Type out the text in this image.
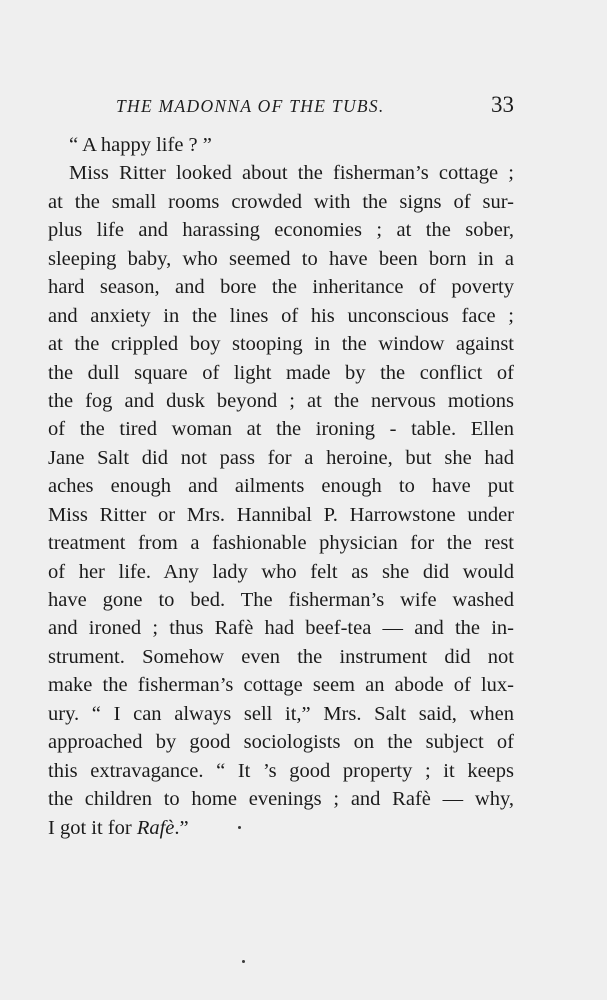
THE MADONNA OF THE TUBS.	33
“ A happy life ? ”
Miss Ritter looked about the fisherman’s cottage ;
at the small rooms crowded with the signs of sur-
plus life and harassing economies ; at the sober,
sleeping baby, who seemed to have been born in a
hard season, and bore the inheritance of poverty
and anxiety in the lines of his unconscious face ;
at the crippled boy stooping in the window against
the dull square of light made by the conflict of
the fog and dusk beyond ; at the nervous motions
of the tired woman at the ironing - table. Ellen
Jane Salt did not pass for a heroine, but she had
aches enough and ailments enough to have put
Miss Ritter or Mrs. Hannibal P. Harrowstone under
treatment from a fashionable physician for the rest
of her life. Any lady who felt as she did would
have gone to bed. The fisherman’s wife washed
and ironed ; thus Rafè had beef-tea — and the in-
strument. Somehow even the instrument did not
make the fisherman’s cottage seem an abode of lux-
ury. “ I can always sell it,” Mrs. Salt said, when
approached by good sociologists on the subject of
this extravagance. “ It ’s good property ; it keeps
the children to home evenings ; and Rafè — why,
I got it for Rafè.”
